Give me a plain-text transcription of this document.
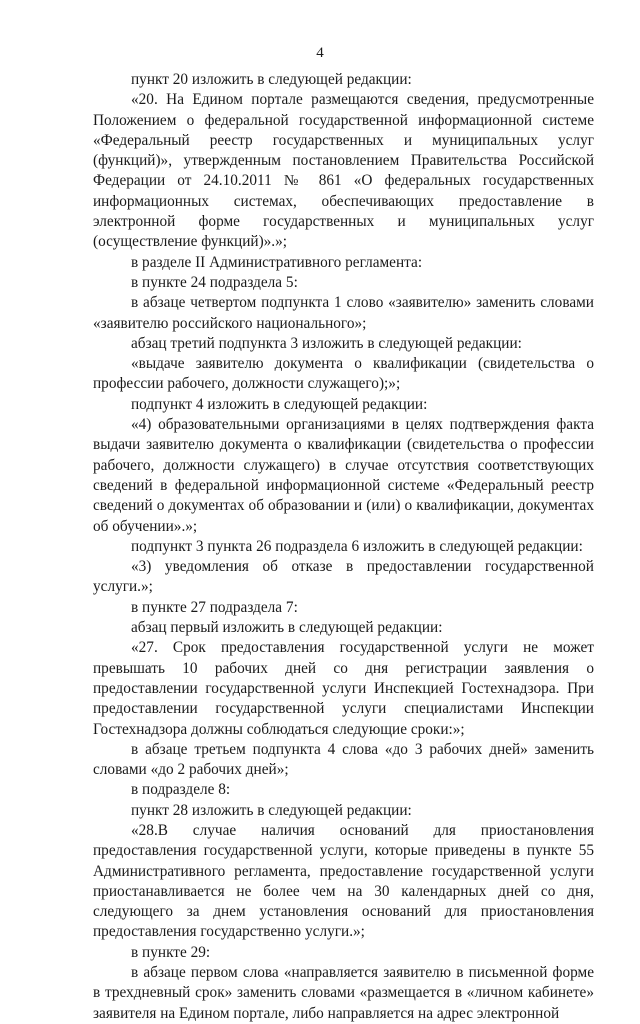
4

пункт 20 изложить в следующей редакции:

«20. На Едином портале размещаются сведения, предусмотренные Положением о федеральной государственной информационной системе «Федеральный реестр государственных и муниципальных услуг (функций)», утвержденным постановлением Правительства Российской Федерации от 24.10.2011 № 861 «О федеральных государственных информационных системах, обеспечивающих предоставление в электронной форме государственных и муниципальных услуг (осуществление функций)».»;

в разделе II Административного регламента:

в пункте 24 подраздела 5:

в абзаце четвертом подпункта 1 слово «заявителю» заменить словами «заявителю российского национального»;

абзац третий подпункта 3 изложить в следующей редакции:

«выдаче заявителю документа о квалификации (свидетельства о профессии рабочего, должности служащего);»;

подпункт 4 изложить в следующей редакции:

«4) образовательными организациями в целях подтверждения факта выдачи заявителю документа о квалификации (свидетельства о профессии рабочего, должности служащего) в случае отсутствия соответствующих сведений в федеральной информационной системе «Федеральный реестр сведений о документах об образовании и (или) о квалификации, документах об обучении».»;

подпункт 3 пункта 26 подраздела 6 изложить в следующей редакции:

«3) уведомления об отказе в предоставлении государственной услуги.»;

в пункте 27 подраздела 7:

абзац первый изложить в следующей редакции:

«27. Срок предоставления государственной услуги не может превышать 10 рабочих дней со дня регистрации заявления о предоставлении государственной услуги Инспекцией Гостехнадзора. При предоставлении государственной услуги специалистами Инспекции Гостехнадзора должны соблюдаться следующие сроки:»;

в абзаце третьем подпункта 4 слова «до 3 рабочих дней» заменить словами «до 2 рабочих дней»;

в подразделе 8:

пункт 28 изложить в следующей редакции:

«28.В случае наличия оснований для приостановления предоставления государственной услуги, которые приведены в пункте 55 Административного регламента, предоставление государственной услуги приостанавливается не более чем на 30 календарных дней со дня, следующего за днем установления оснований для приостановления предоставления государственно услуги.»;

в пункте 29:

в абзаце первом слова «направляется заявителю в письменной форме в трехдневный срок» заменить словами «размещается в «личном кабинете» заявителя на Едином портале, либо направляется на адрес электронной
